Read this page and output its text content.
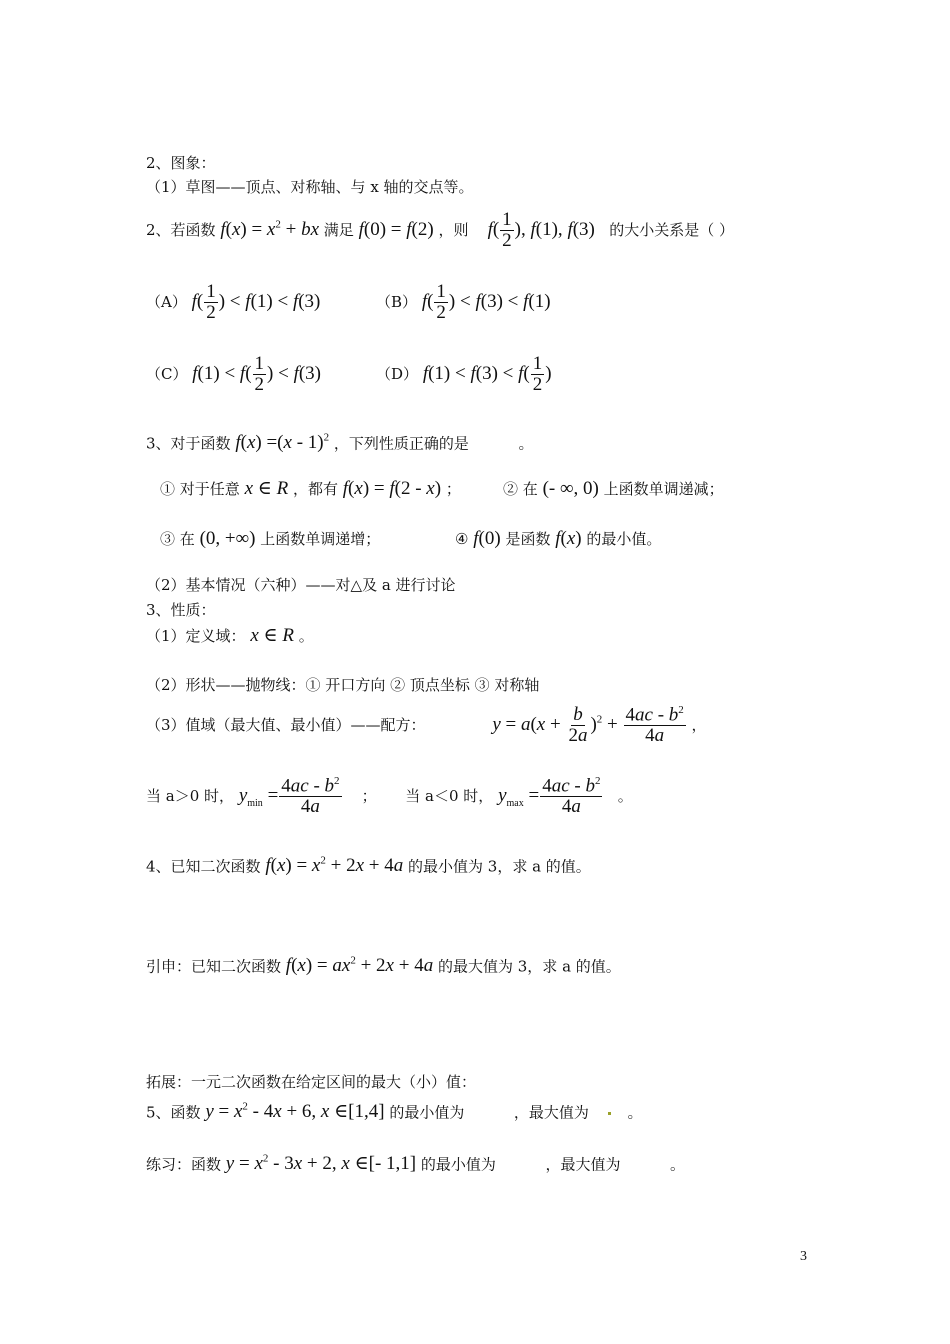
2、图象：
（1）草图——顶点、对称轴、与 x 轴的交点等。
2、若函数 $f(x) = x^2$ + bx 满足 f(0) = f(2) ，则 $f( \frac{1}{2}$ ), f(1), f(3) 的大小关系是（ ）
（A） $f( \frac{1}{2}$ ) < f(1) < f(3)	（B） $f( \frac{1}{2}$ ) < f(3) < f(1)
（C） $f(1) < f( \frac{1}{2}$ ) < f(3)	（D） $f(1) < f(3) < f( \frac{1}{2}$ )
3、对于函数 f(x) =(x - 1)$^2$ ，下列性质正确的是	。
① 对于任意 x ∈ R ，都有 f(x) = f(2 - x) ；	② 在 (- ∞, 0) 上函数单调递减；
③ 在 (0, +∞) 上函数单调递增；	④ f(0) 是函数 f(x) 的最小值。
（2）基本情况（六种）——对△及 a 进行讨论
3、性质：
（1）定义域： x ∈ R 。
（2）形状——抛物线：① 开口方向 ② 顶点坐标 ③ 对称轴
（3）值域（最大值、最小值）——配方：	$y = a(x + \frac{b}{2a} )^2 + \frac{4ac - b^2}{4a}$ ，
当 a＞0 时， $y_{min} = \frac{4ac - b^2}{4a}$ ； 当 a＜0 时， $y_{max} = \frac{4ac - b^2}{4a}$ 。
4、已知二次函数 $f(x) = x^2 + 2x + 4a$ 的最小值为 3，求 a 的值。
引申：已知二次函数 $f(x) = ax^2 + 2x + 4a$ 的最大值为 3，求 a 的值。
拓展：一元二次函数在给定区间的最大（小）值：
5、函数 $y = x^2 - 4x + 6$, x ∈[1,4] 的最小值为	，最大值为	。
练习：函数 $y = x^2 - 3x + 2$, x ∈[- 1,1] 的最小值为	，最大值为	。
3
